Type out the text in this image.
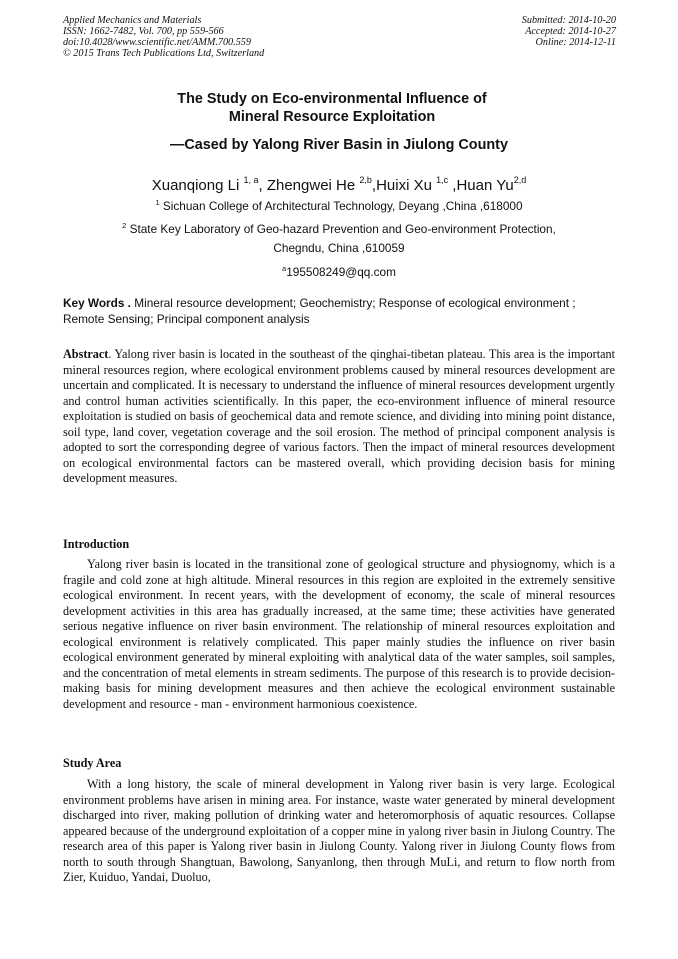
Applied Mechanics and Materials
ISSN: 1662-7482, Vol. 700, pp 559-566
doi:10.4028/www.scientific.net/AMM.700.559
© 2015 Trans Tech Publications Ltd, Switzerland
Submitted: 2014-10-20
Accepted: 2014-10-27
Online: 2014-12-11
The Study on Eco-environmental Influence of
Mineral Resource Exploitation
—Cased by Yalong River Basin in Jiulong County
Xuanqiong Li $^{1, a}$, Zhengwei He $^{2,b}$,Huixi Xu $^{1,c}$ ,Huan Yu$^{2,d}$
$^1$ Sichuan College of Architectural Technology, Deyang ,China ,618000
$^2$ State Key Laboratory of Geo-hazard Prevention and Geo-environment Protection,
Chegndu, China ,610059
$^a$195508249@qq.com
Key Words . Mineral resource development; Geochemistry; Response of ecological environment ; Remote Sensing; Principal component analysis
Abstract. Yalong river basin is located in the southeast of the qinghai-tibetan plateau. This area is the important mineral resources region, where ecological environment problems caused by mineral resources development are uncertain and complicated. It is necessary to understand the influence of mineral resources development urgently and control human activities scientifically. In this paper, the eco-environment influence of mineral resource exploitation is studied on basis of geochemical data and remote science, and dividing into mining point distance, soil type, land cover, vegetation coverage and the soil erosion. The method of principal component analysis is adopted to sort the corresponding degree of various factors. Then the impact of mineral resources development on ecological environmental factors can be mastered overall, which providing decision basis for mining development measures.
Introduction
Yalong river basin is located in the transitional zone of geological structure and physiognomy, which is a fragile and cold zone at high altitude. Mineral resources in this region are exploited in the extremely sensitive ecological environment. In recent years, with the development of economy, the scale of mineral resources development activities in this area has gradually increased, at the same time; these activities have generated serious negative influence on river basin environment. The relationship of mineral resources exploitation and ecological environment is relatively complicated. This paper mainly studies the influence on river basin ecological environment generated by mineral exploiting with analytical data of the water samples, soil samples, and the concentration of metal elements in stream sediments. The purpose of this research is to provide decision-making basis for mining development measures and then achieve the ecological environment sustainable development and resource - man - environment harmonious coexistence.
Study Area
With a long history, the scale of mineral development in Yalong river basin is very large. Ecological environment problems have arisen in mining area. For instance, waste water generated by mineral development discharged into river, making pollution of drinking water and heteromorphosis of aquatic resources. Collapse appeared because of the underground exploitation of a copper mine in yalong river basin in Jiulong Country. The research area of this paper is Yalong river basin in Jiulong County. Yalong river in Jiulong County flows from north to south through Shangtuan, Bawolong, Sanyanlong, then through MuLi, and return to flow north from Zier, Kuiduo, Yandai, Duoluo,
